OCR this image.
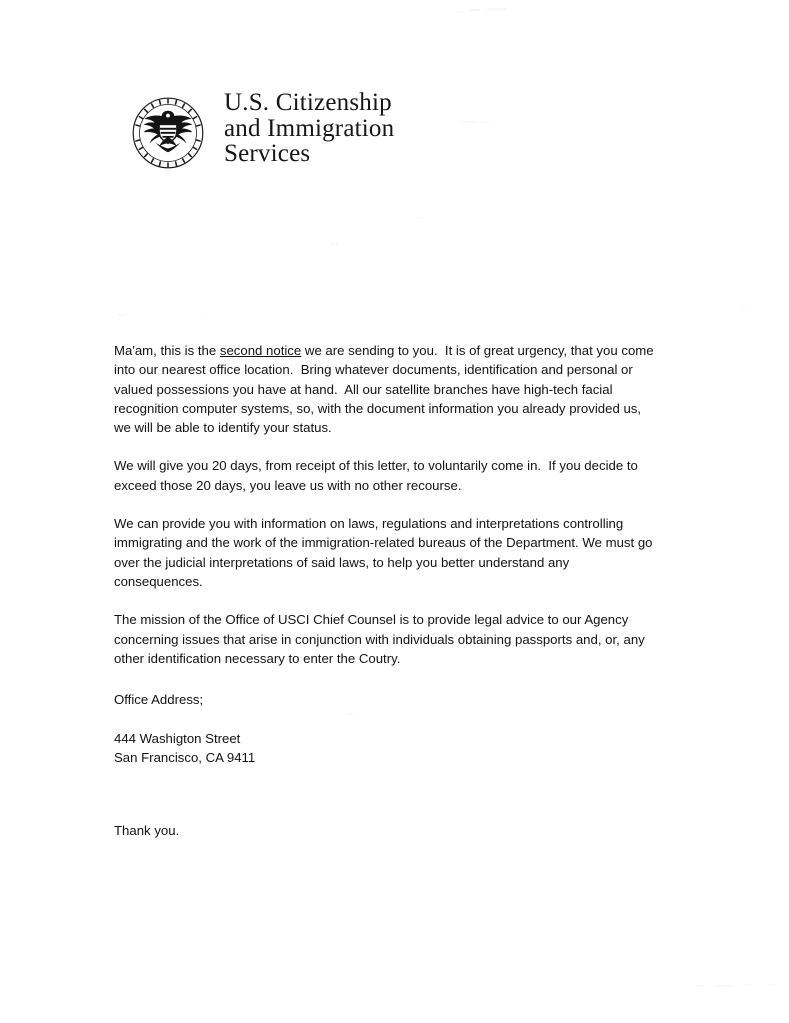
U.S. Citizenship
and Immigration
Services

Ma'am, this is the second notice we are sending to you.  It is of great urgency, that you come into our nearest office location.  Bring whatever documents, identification and personal or valued possessions you have at hand.  All our satellite branches have high-tech facial recognition computer systems, so, with the document information you already provided us, we will be able to identify your status.

We will give you 20 days, from receipt of this letter, to voluntarily come in.  If you decide to exceed those 20 days, you leave us with no other recourse.

We can provide you with information on laws, regulations and interpretations controlling immigrating and the work of the immigration-related bureaus of the Department. We must go over the judicial interpretations of said laws, to help you better understand any consequences.

The mission of the Office of USCI Chief Counsel is to provide legal advice to our Agency concerning issues that arise in conjunction with individuals obtaining passports and, or, any other identification necessary to enter the Coutry.

Office Address;
444 Washigton Street
San Francisco, CA 9411
Thank you.
